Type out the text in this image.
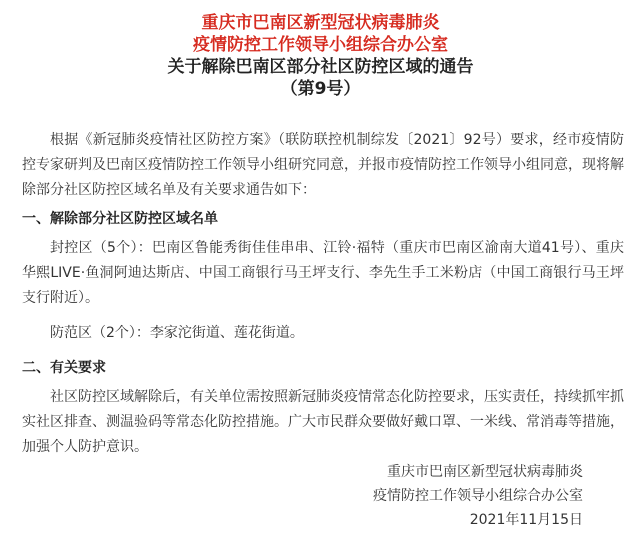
重庆市巴南区新型冠状病毒肺炎
疫情防控工作领导小组综合办公室
关于解除巴南区部分社区防控区域的通告
（第9号）

根据《新冠肺炎疫情社区防控方案》（联防联控机制综发〔2021〕92号）要求，经市疫情防控专家研判及巴南区疫情防控工作领导小组研究同意，并报市疫情防控工作领导小组同意，现将解除部分社区防控区域名单及有关要求通告如下：

一、解除部分社区防控区域名单

封控区（5个）：巴南区鲁能秀街佳佳串串、江铃·福特（重庆市巴南区渝南大道41号）、重庆华熙LIVE·鱼洞阿迪达斯店、中国工商银行马王坪支行、李先生手工米粉店（中国工商银行马王坪支行附近）。

防范区（2个）：李家沱街道、莲花街道。

二、有关要求

社区防控区域解除后，有关单位需按照新冠肺炎疫情常态化防控要求，压实责任，持续抓牢抓实社区排查、测温验码等常态化防控措施。广大市民群众要做好戴口罩、一米线、常消毒等措施，加强个人防护意识。

重庆市巴南区新型冠状病毒肺炎
疫情防控工作领导小组综合办公室
2021年11月15日
